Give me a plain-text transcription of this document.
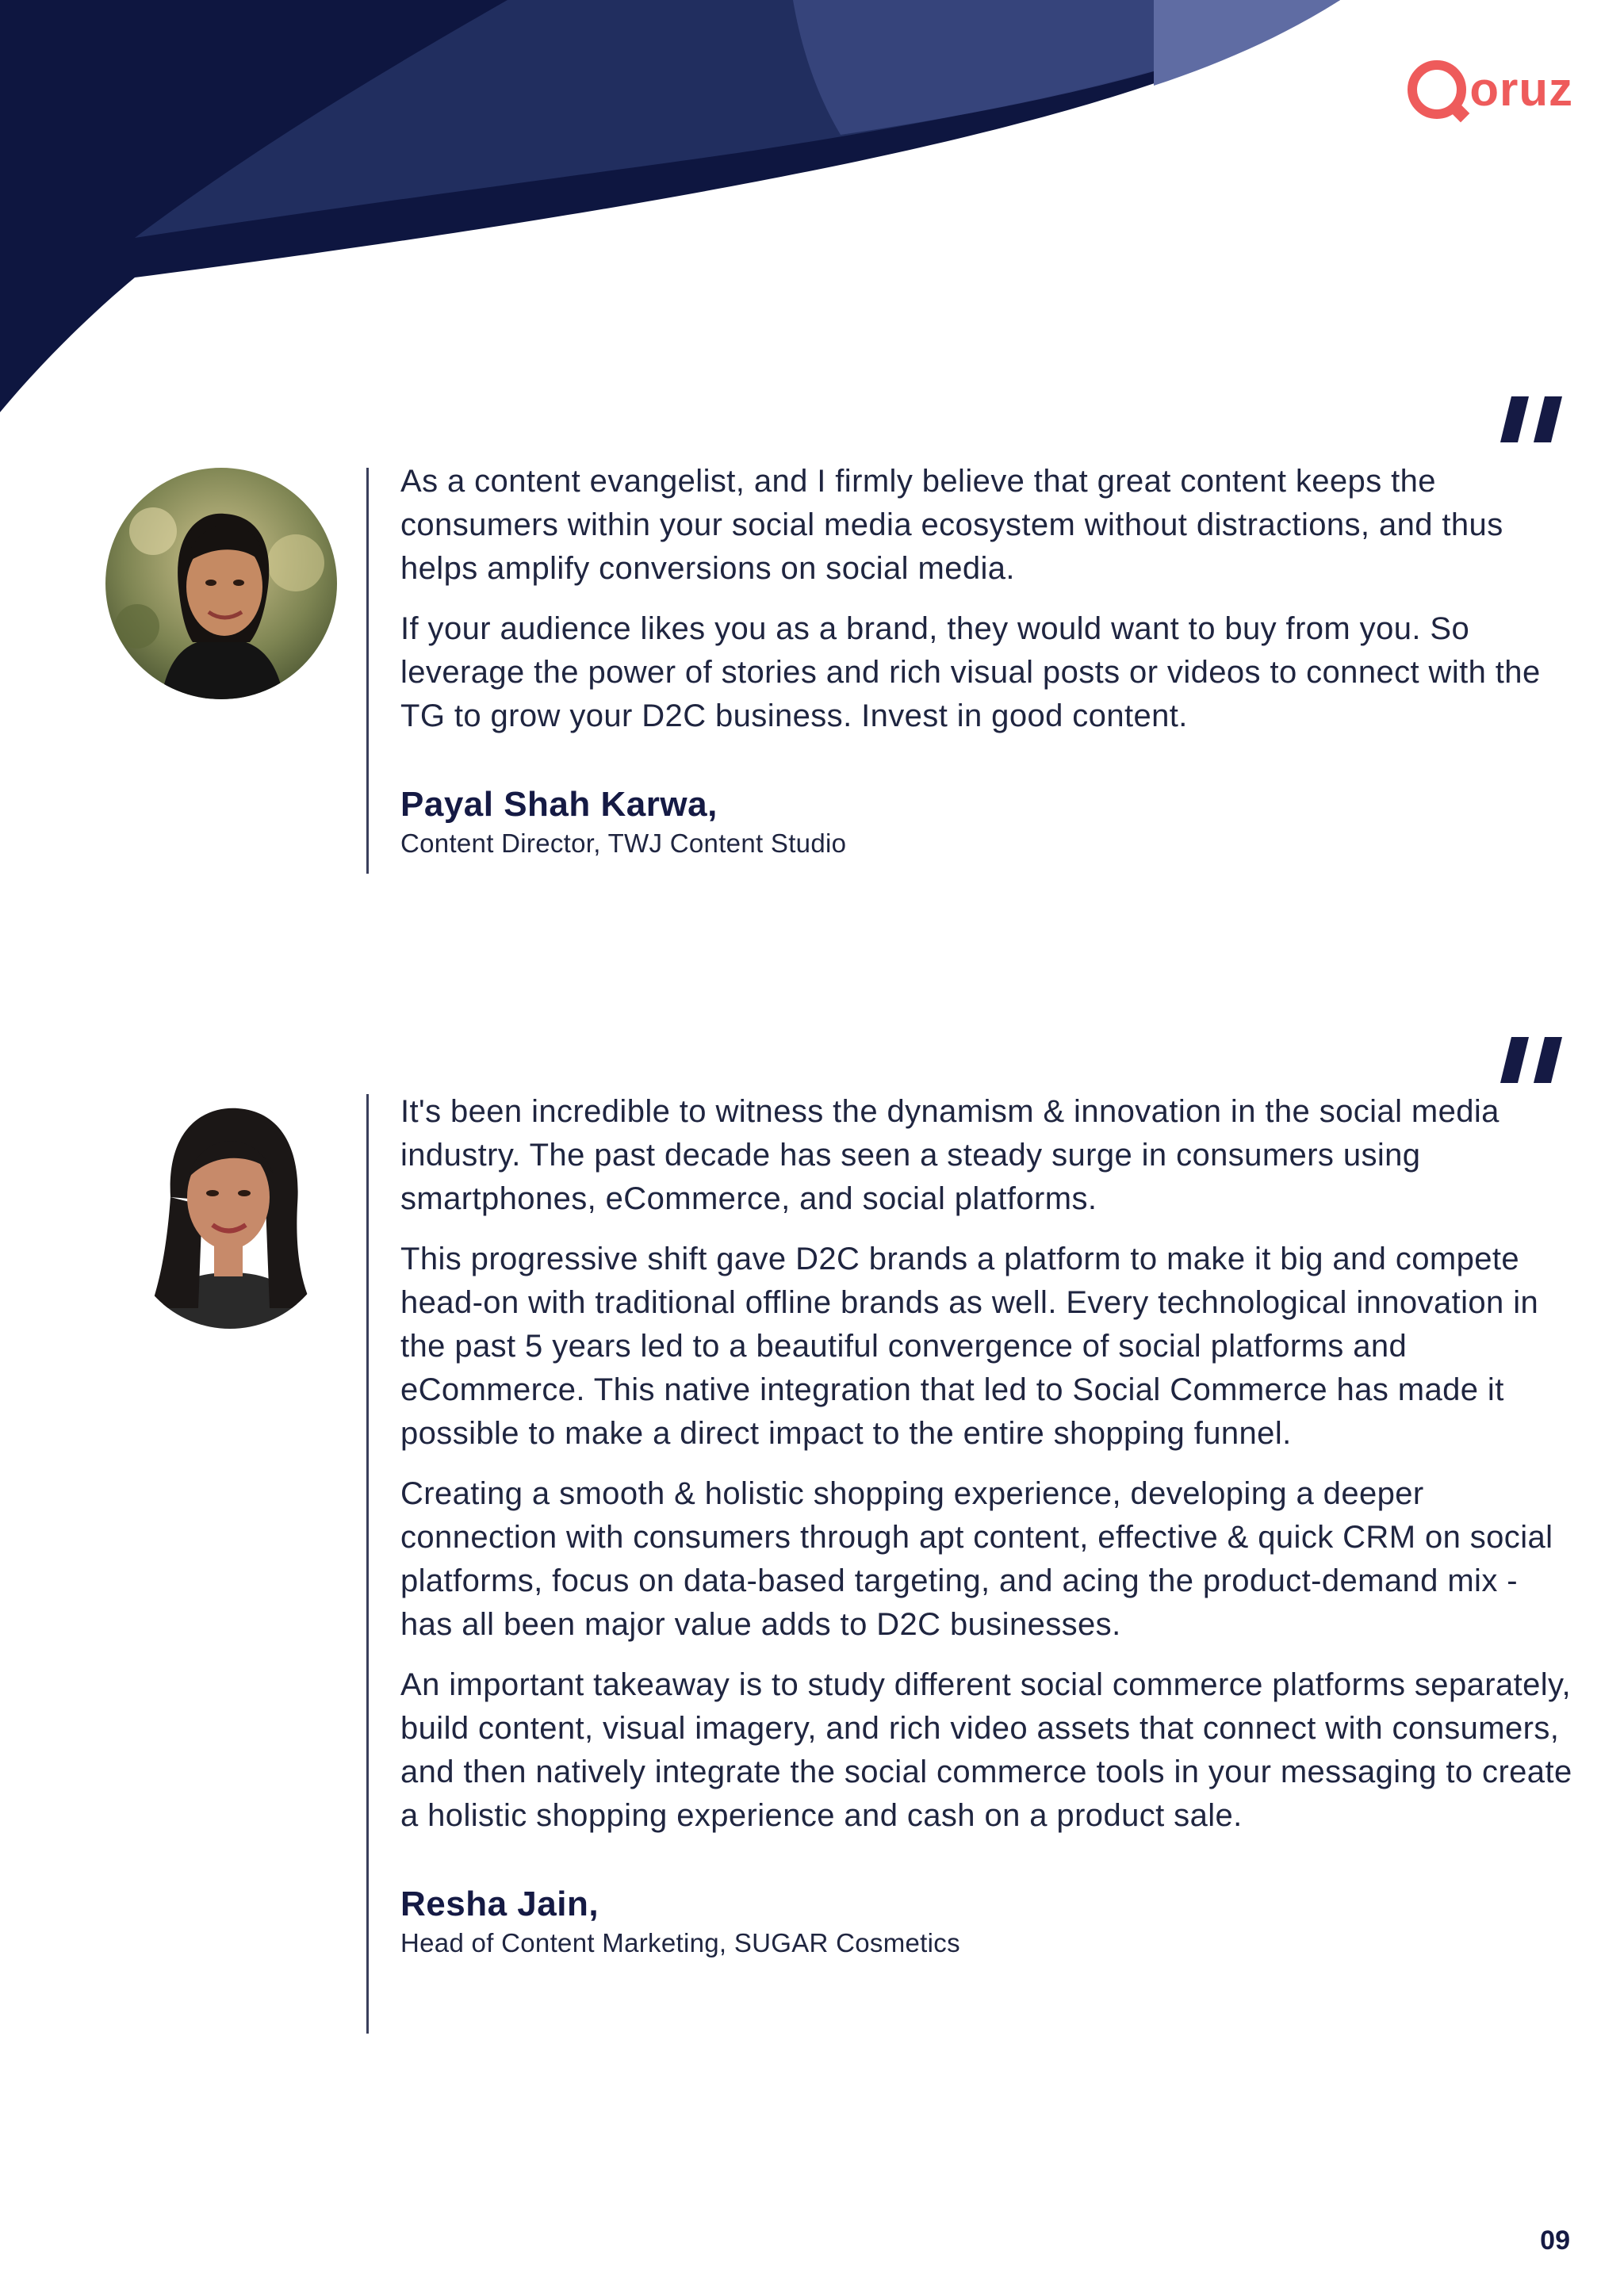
oruz

As a content evangelist, and I firmly believe that great content keeps the consumers within your social media ecosystem without distractions, and thus helps amplify conversions on social media.

If your audience likes you as a brand, they would want to buy from you. So leverage the power of stories and rich visual posts or videos to connect with the TG to grow your D2C business. Invest in good content.

Payal Shah Karwa,

Content Director, TWJ Content Studio

It's been incredible to witness the dynamism & innovation in the social media industry. The past decade has seen a steady surge in consumers using smartphones, eCommerce, and social platforms.

This progressive shift gave D2C brands a platform to make it big and compete head-on with traditional offline brands as well. Every technological innovation in the past 5 years led to a beautiful convergence of social platforms and eCommerce. This native integration that led to Social Commerce has made it possible to make a direct impact to the entire shopping funnel.

Creating a smooth & holistic shopping experience, developing a deeper connection with consumers through apt content, effective & quick CRM on social platforms, focus on data-based targeting, and acing the product-demand mix - has all been major value adds to D2C businesses.

An important takeaway is to study different social commerce platforms separately, build content, visual imagery, and rich video assets that connect with consumers, and then natively integrate the social commerce tools in your messaging to create a holistic shopping experience and cash on a product sale.

Resha Jain,

Head of Content Marketing, SUGAR Cosmetics

09
